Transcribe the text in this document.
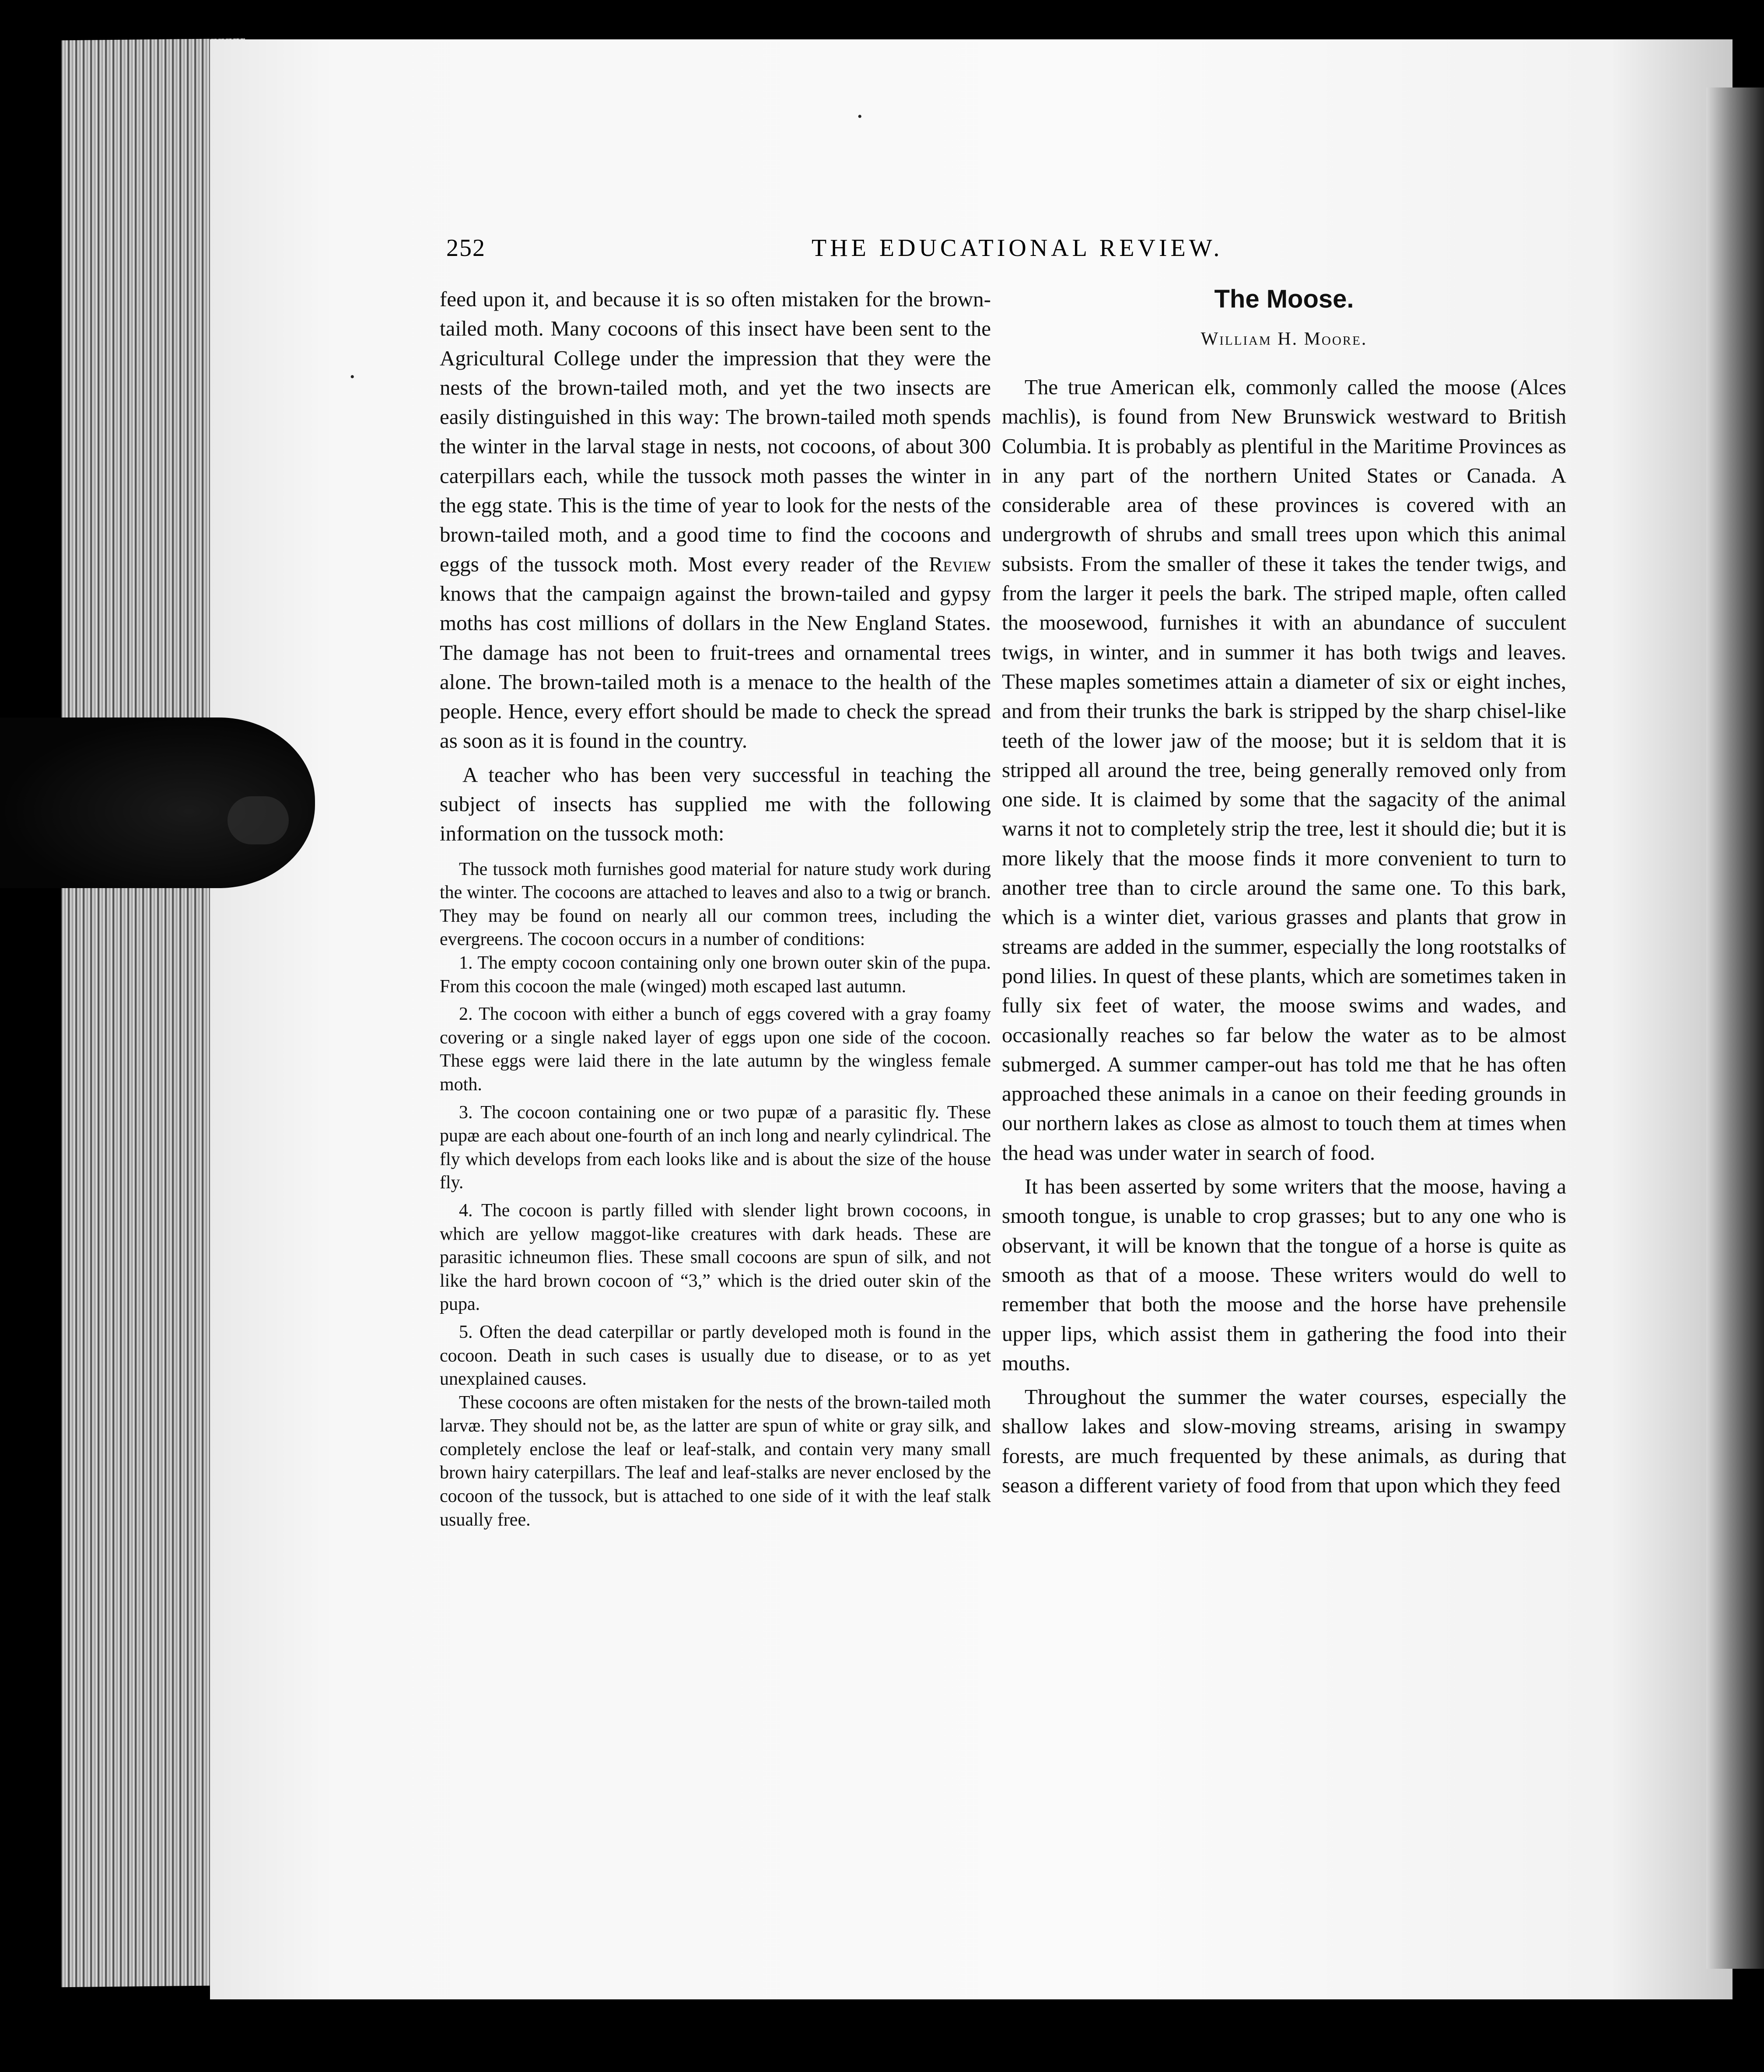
252	THE EDUCATIONAL REVIEW.

feed upon it, and because it is so often mistaken for the brown-tailed moth. Many cocoons of this insect have been sent to the Agricultural College under the impression that they were the nests of the brown-tailed moth, and yet the two insects are easily distinguished in this way: The brown-tailed moth spends the winter in the larval stage in nests, not cocoons, of about 300 caterpillars each, while the tussock moth passes the winter in the egg state. This is the time of year to look for the nests of the brown-tailed moth, and a good time to find the cocoons and eggs of the tussock moth. Most every reader of the Review knows that the campaign against the brown-tailed and gypsy moths has cost millions of dollars in the New England States. The damage has not been to fruit-trees and ornamental trees alone. The brown-tailed moth is a menace to the health of the people. Hence, every effort should be made to check the spread as soon as it is found in the country.

A teacher who has been very successful in teaching the subject of insects has supplied me with the following information on the tussock moth:

The tussock moth furnishes good material for nature study work during the winter. The cocoons are attached to leaves and also to a twig or branch. They may be found on nearly all our common trees, including the evergreens. The cocoon occurs in a number of conditions:

1. The empty cocoon containing only one brown outer skin of the pupa. From this cocoon the male (winged) moth escaped last autumn.

2. The cocoon with either a bunch of eggs covered with a gray foamy covering or a single naked layer of eggs upon one side of the cocoon. These eggs were laid there in the late autumn by the wingless female moth.

3. The cocoon containing one or two pupæ of a parasitic fly. These pupæ are each about one-fourth of an inch long and nearly cylindrical. The fly which develops from each looks like and is about the size of the house fly.

4. The cocoon is partly filled with slender light brown cocoons, in which are yellow maggot-like creatures with dark heads. These are parasitic ichneumon flies. These small cocoons are spun of silk, and not like the hard brown cocoon of “3,” which is the dried outer skin of the pupa.

5. Often the dead caterpillar or partly developed moth is found in the cocoon. Death in such cases is usually due to disease, or to as yet unexplained causes.

These cocoons are often mistaken for the nests of the brown-tailed moth larvæ. They should not be, as the latter are spun of white or gray silk, and completely enclose the leaf or leaf-stalk, and contain very many small brown hairy caterpillars. The leaf and leaf-stalks are never enclosed by the cocoon of the tussock, but is attached to one side of it with the leaf stalk usually free.

The Moose.
William H. Moore.

The true American elk, commonly called the moose (Alces machlis), is found from New Brunswick westward to British Columbia. It is probably as plentiful in the Maritime Provinces as in any part of the northern United States or Canada. A considerable area of these provinces is covered with an undergrowth of shrubs and small trees upon which this animal subsists. From the smaller of these it takes the tender twigs, and from the larger it peels the bark. The striped maple, often called the moosewood, furnishes it with an abundance of succulent twigs, in winter, and in summer it has both twigs and leaves. These maples sometimes attain a diameter of six or eight inches, and from their trunks the bark is stripped by the sharp chisel-like teeth of the lower jaw of the moose; but it is seldom that it is stripped all around the tree, being generally removed only from one side. It is claimed by some that the sagacity of the animal warns it not to completely strip the tree, lest it should die; but it is more likely that the moose finds it more convenient to turn to another tree than to circle around the same one. To this bark, which is a winter diet, various grasses and plants that grow in streams are added in the summer, especially the long rootstalks of pond lilies. In quest of these plants, which are sometimes taken in fully six feet of water, the moose swims and wades, and occasionally reaches so far below the water as to be almost submerged. A summer camper-out has told me that he has often approached these animals in a canoe on their feeding grounds in our northern lakes as close as almost to touch them at times when the head was under water in search of food.

It has been asserted by some writers that the moose, having a smooth tongue, is unable to crop grasses; but to any one who is observant, it will be known that the tongue of a horse is quite as smooth as that of a moose. These writers would do well to remember that both the moose and the horse have prehensile upper lips, which assist them in gathering the food into their mouths.

Throughout the summer the water courses, especially the shallow lakes and slow-moving streams, arising in swampy forests, are much frequented by these animals, as during that season a different variety of food from that upon which they feed

•
•
